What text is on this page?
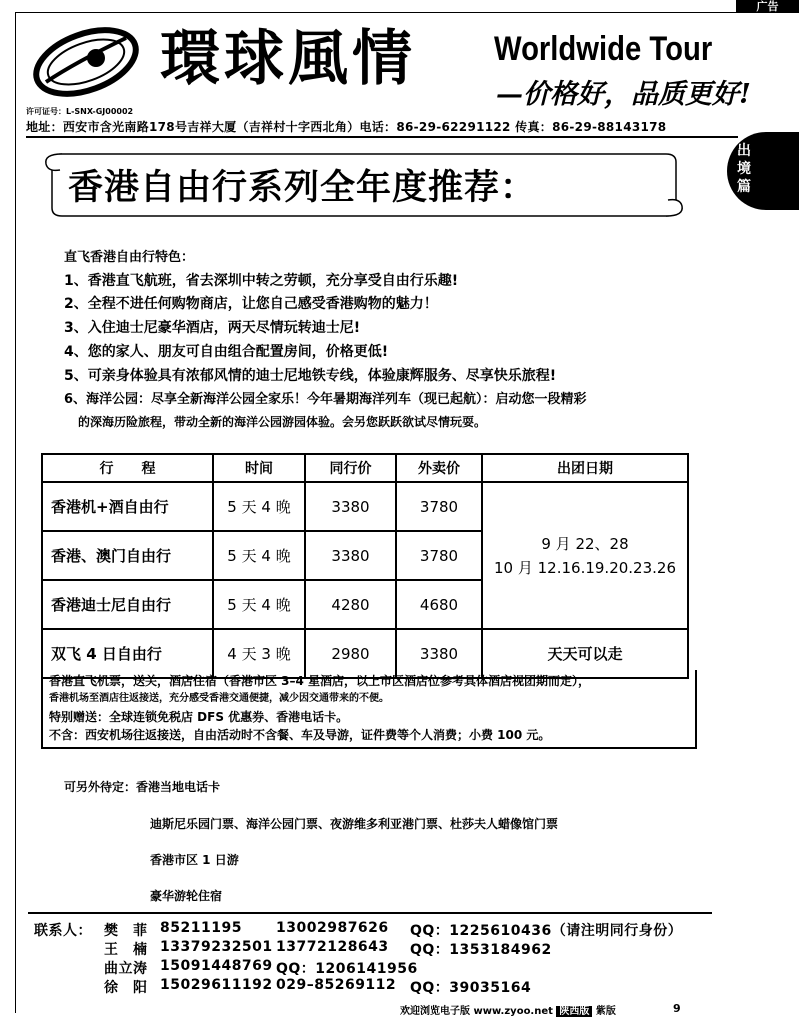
广告
出境篇
環球風情 Worldwide Tour
—价格好，品质更好!
许可证号：L-SNX-GJ00002
地址：西安市含光南路178号吉祥大厦（吉祥村十字西北角）电话：86-29-62291122 传真：86-29-88143178
香港自由行系列全年度推荐：
直飞香港自由行特色：
1、香港直飞航班，省去深圳中转之劳顿，充分享受自由行乐趣!
2、全程不进任何购物商店，让您自己感受香港购物的魅力！
3、入住迪士尼豪华酒店，两天尽情玩转迪士尼!
4、您的家人、朋友可自由组合配置房间，价格更低!
5、可亲身体验具有浓郁风情的迪士尼地铁专线，体验康辉服务、尽享快乐旅程!
6、海洋公园：尽享全新海洋公园全家乐！今年暑期海洋列车（现已起航）：启动您一段精彩
的深海历险旅程，带动全新的海洋公园游园体验。会另您跃跃欲试尽情玩耍。
行　　程	时间	同行价	外卖价	出团日期
香港机+酒自由行	5 天 4 晚	3380	3780	9 月 22、28
10 月 12.16.19.20.23.26

香港、澳门自由行	5 天 4 晚	3380	3780	
香港迪士尼自由行	5 天 4 晚	4280	4680	
双飞 4 日自由行	4 天 3 晚	2980	3380	天天可以走
香港直飞机票，送关，酒店住宿（香港市区 3–4 星酒店，以上市区酒店位参考具体酒店视团期而定），
香港机场至酒店往返接送，充分感受香港交通便捷，减少因交通带来的不便。
特别赠送：全球连锁免税店 DFS 优惠券、香港电话卡。
不含：西安机场往返接送，自由活动时不含餐、车及导游，证件费等个人消费；小费 100 元。
可另外待定：香港当地电话卡
迪斯尼乐园门票、海洋公园门票、夜游维多利亚港门票、杜莎夫人蜡像馆门票
香港市区 1 日游
豪华游轮住宿
联系人： 樊　菲 85211195 13002987626 QQ：1225610436（请注明同行身份）
王　楠 13379232501 13772128643 QQ：1353184962
曲立涛 15091448769 QQ：1206141956
徐　阳 15029611192 029–85269112 QQ：39035164
欢迎浏览电子版 www.zyoo.net 陕西版 紫版	9
